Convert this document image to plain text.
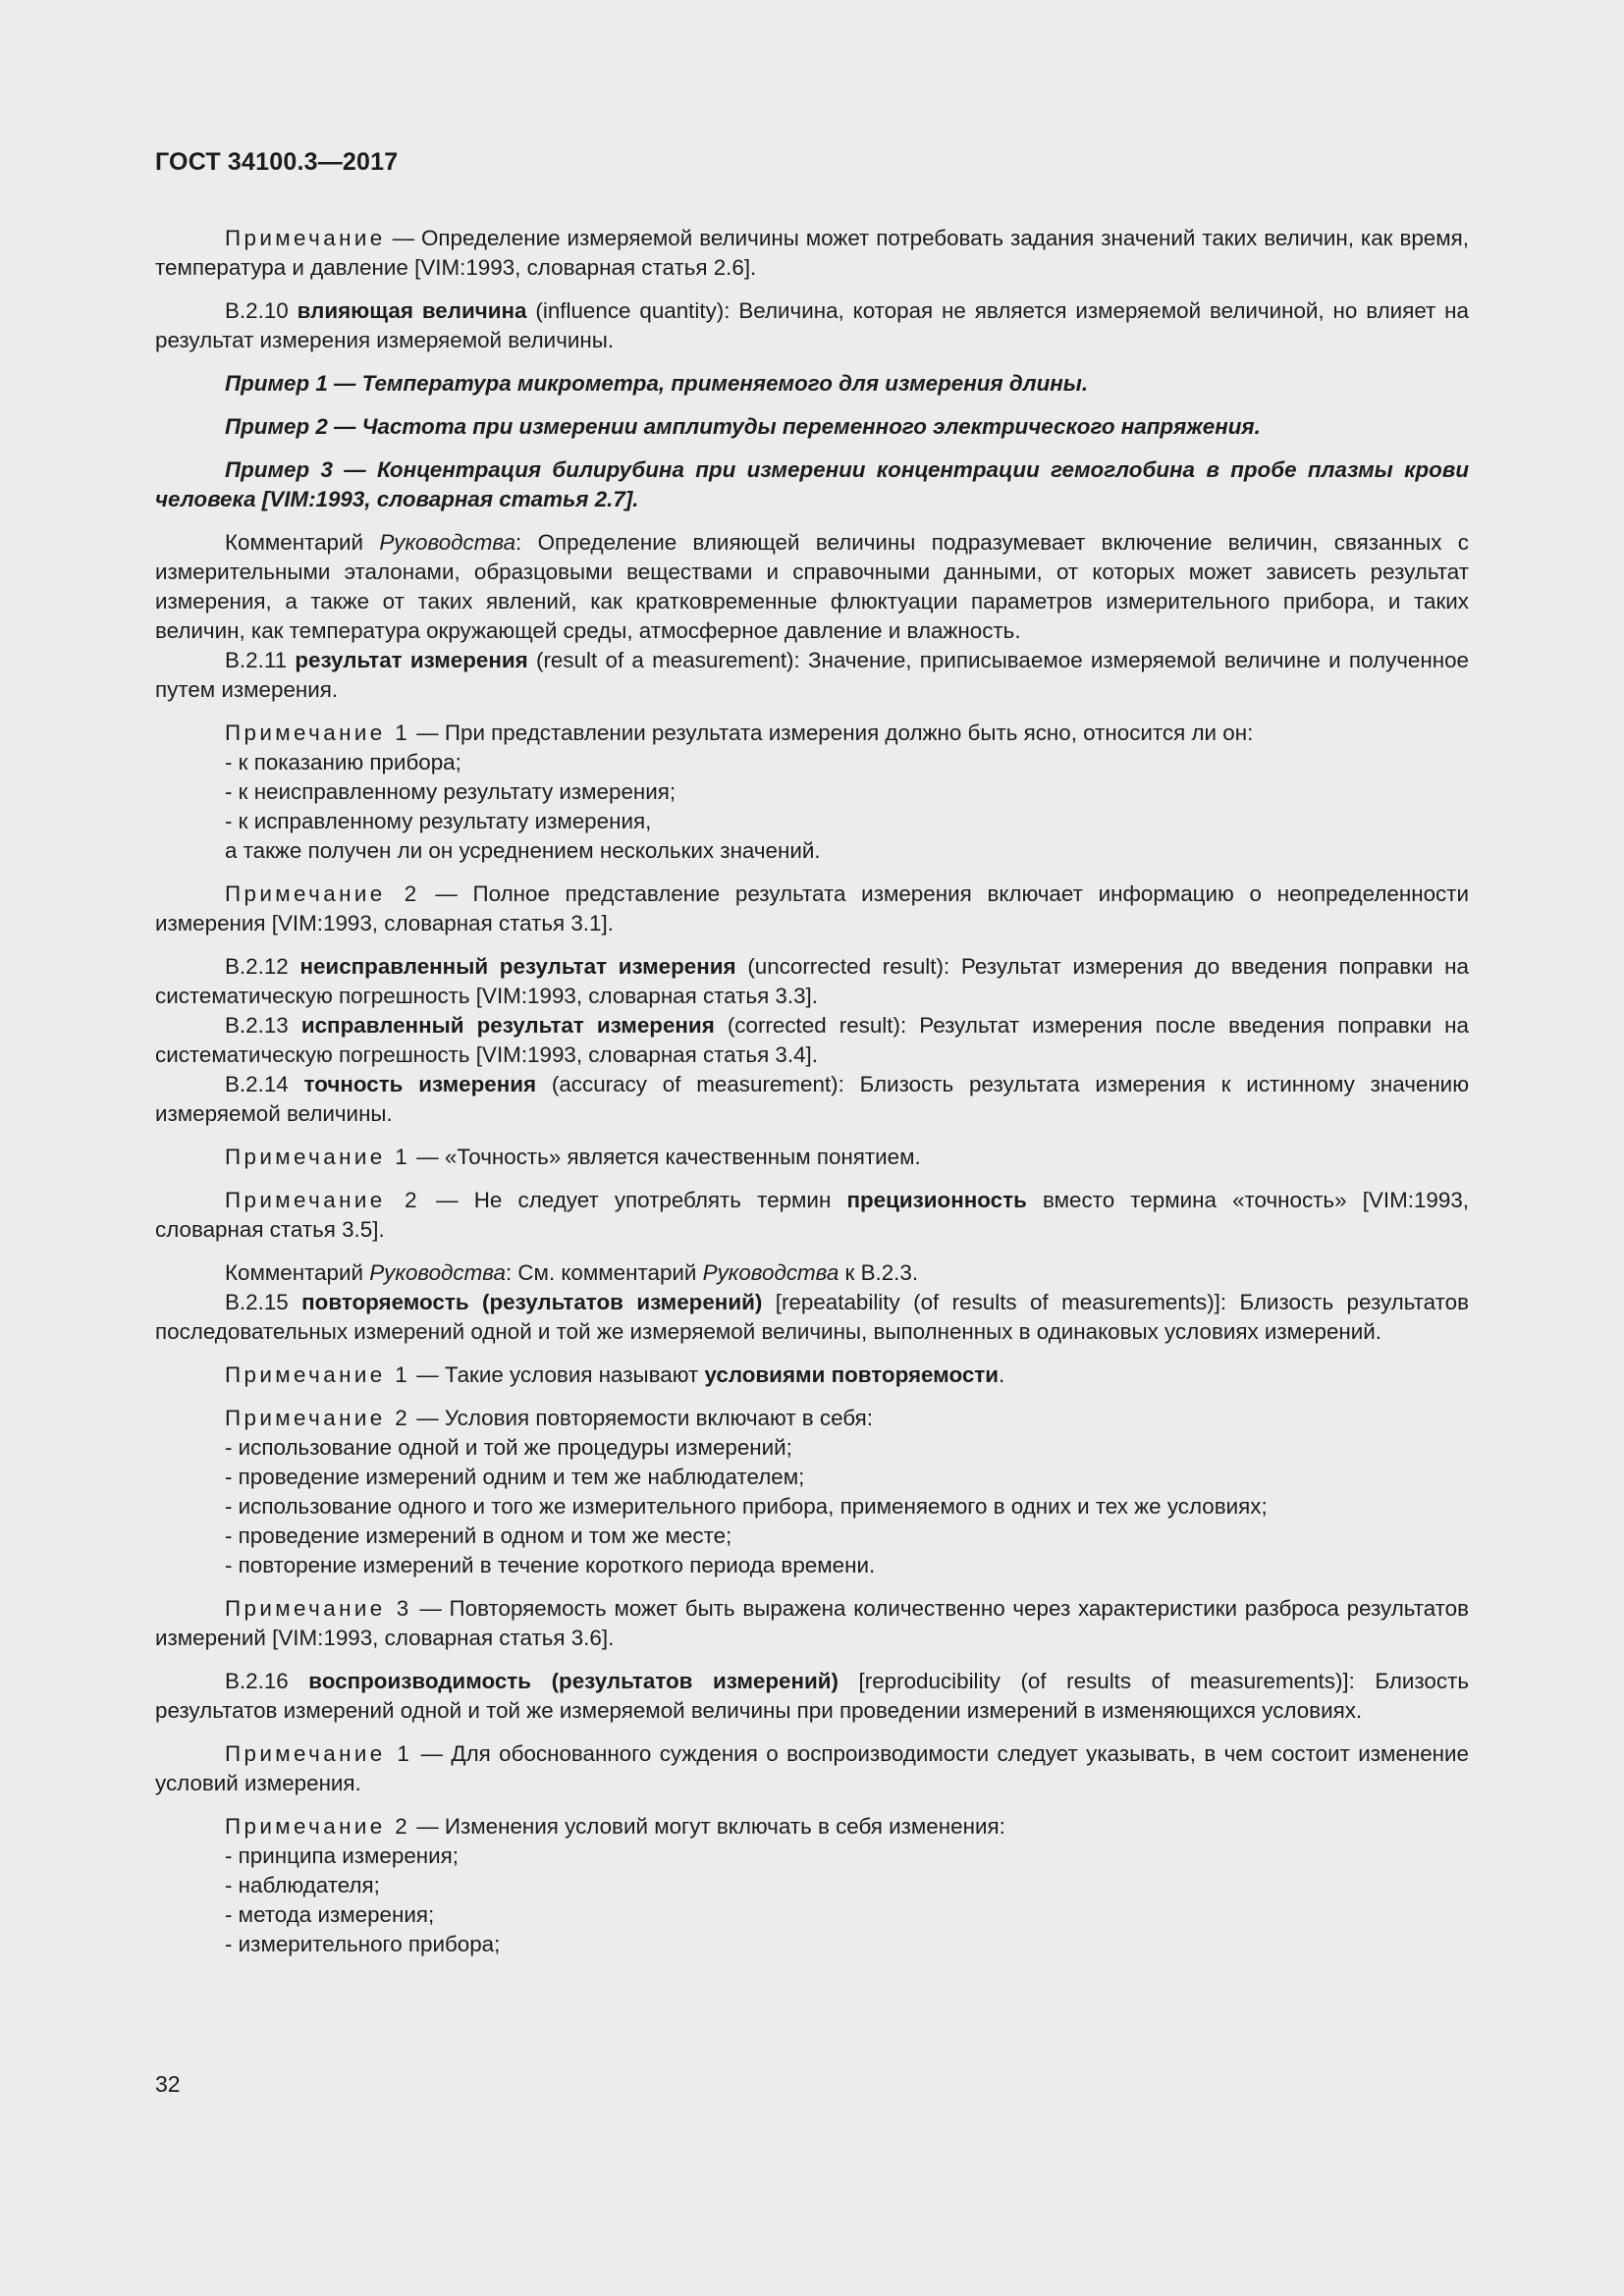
ГОСТ 34100.3—2017

Примечание — Определение измеряемой величины может потребовать задания значений таких величин, как время, температура и давление [VIM:1993, словарная статья 2.6].

В.2.10 влияющая величина (influence quantity): Величина, которая не является измеряемой величиной, но влияет на результат измерения измеряемой величины.

Пример 1 — Температура микрометра, применяемого для измерения длины.

Пример 2 — Частота при измерении амплитуды переменного электрического напряжения.

Пример 3 — Концентрация билирубина при измерении концентрации гемоглобина в пробе плазмы крови человека [VIM:1993, словарная статья 2.7].

Комментарий Руководства: Определение влияющей величины подразумевает включение величин, связанных с измерительными эталонами, образцовыми веществами и справочными данными, от которых может зависеть результат измерения, а также от таких явлений, как кратковременные флюктуации параметров измерительного прибора, и таких величин, как температура окружающей среды, атмосферное давление и влажность.

В.2.11 результат измерения (result of a measurement): Значение, приписываемое измеряемой величине и полученное путем измерения.

Примечание 1 — При представлении результата измерения должно быть ясно, относится ли он:

- к показанию прибора;
- к неисправленному результату измерения;
- к исправленному результату измерения,
а также получен ли он усреднением нескольких значений.

Примечание 2 — Полное представление результата измерения включает информацию о неопределенности измерения [VIM:1993, словарная статья 3.1].

В.2.12 неисправленный результат измерения (uncorrected result): Результат измерения до введения поправки на систематическую погрешность [VIM:1993, словарная статья 3.3].

В.2.13 исправленный результат измерения (corrected result): Результат измерения после введения поправки на систематическую погрешность [VIM:1993, словарная статья 3.4].

В.2.14 точность измерения (accuracy of measurement): Близость результата измерения к истинному значению измеряемой величины.

Примечание 1 — «Точность» является качественным понятием.

Примечание 2 — Не следует употреблять термин прецизионность вместо термина «точность» [VIM:1993, словарная статья 3.5].

Комментарий Руководства: См. комментарий Руководства к В.2.3.

В.2.15 повторяемость (результатов измерений) [repeatability (of results of measurements)]: Близость результатов последовательных измерений одной и той же измеряемой величины, выполненных в одинаковых условиях измерений.

Примечание 1 — Такие условия называют условиями повторяемости.

Примечание 2 — Условия повторяемости включают в себя:

- использование одной и той же процедуры измерений;
- проведение измерений одним и тем же наблюдателем;
- использование одного и того же измерительного прибора, применяемого в одних и тех же условиях;
- проведение измерений в одном и том же месте;
- повторение измерений в течение короткого периода времени.

Примечание 3 — Повторяемость может быть выражена количественно через характеристики разброса результатов измерений [VIM:1993, словарная статья 3.6].

В.2.16 воспроизводимость (результатов измерений) [reproducibility (of results of measurements)]: Близость результатов измерений одной и той же измеряемой величины при проведении измерений в изменяющихся условиях.

Примечание 1 — Для обоснованного суждения о воспроизводимости следует указывать, в чем состоит изменение условий измерения.

Примечание 2 — Изменения условий могут включать в себя изменения:

- принципа измерения;
- наблюдателя;
- метода измерения;
- измерительного прибора;
32
